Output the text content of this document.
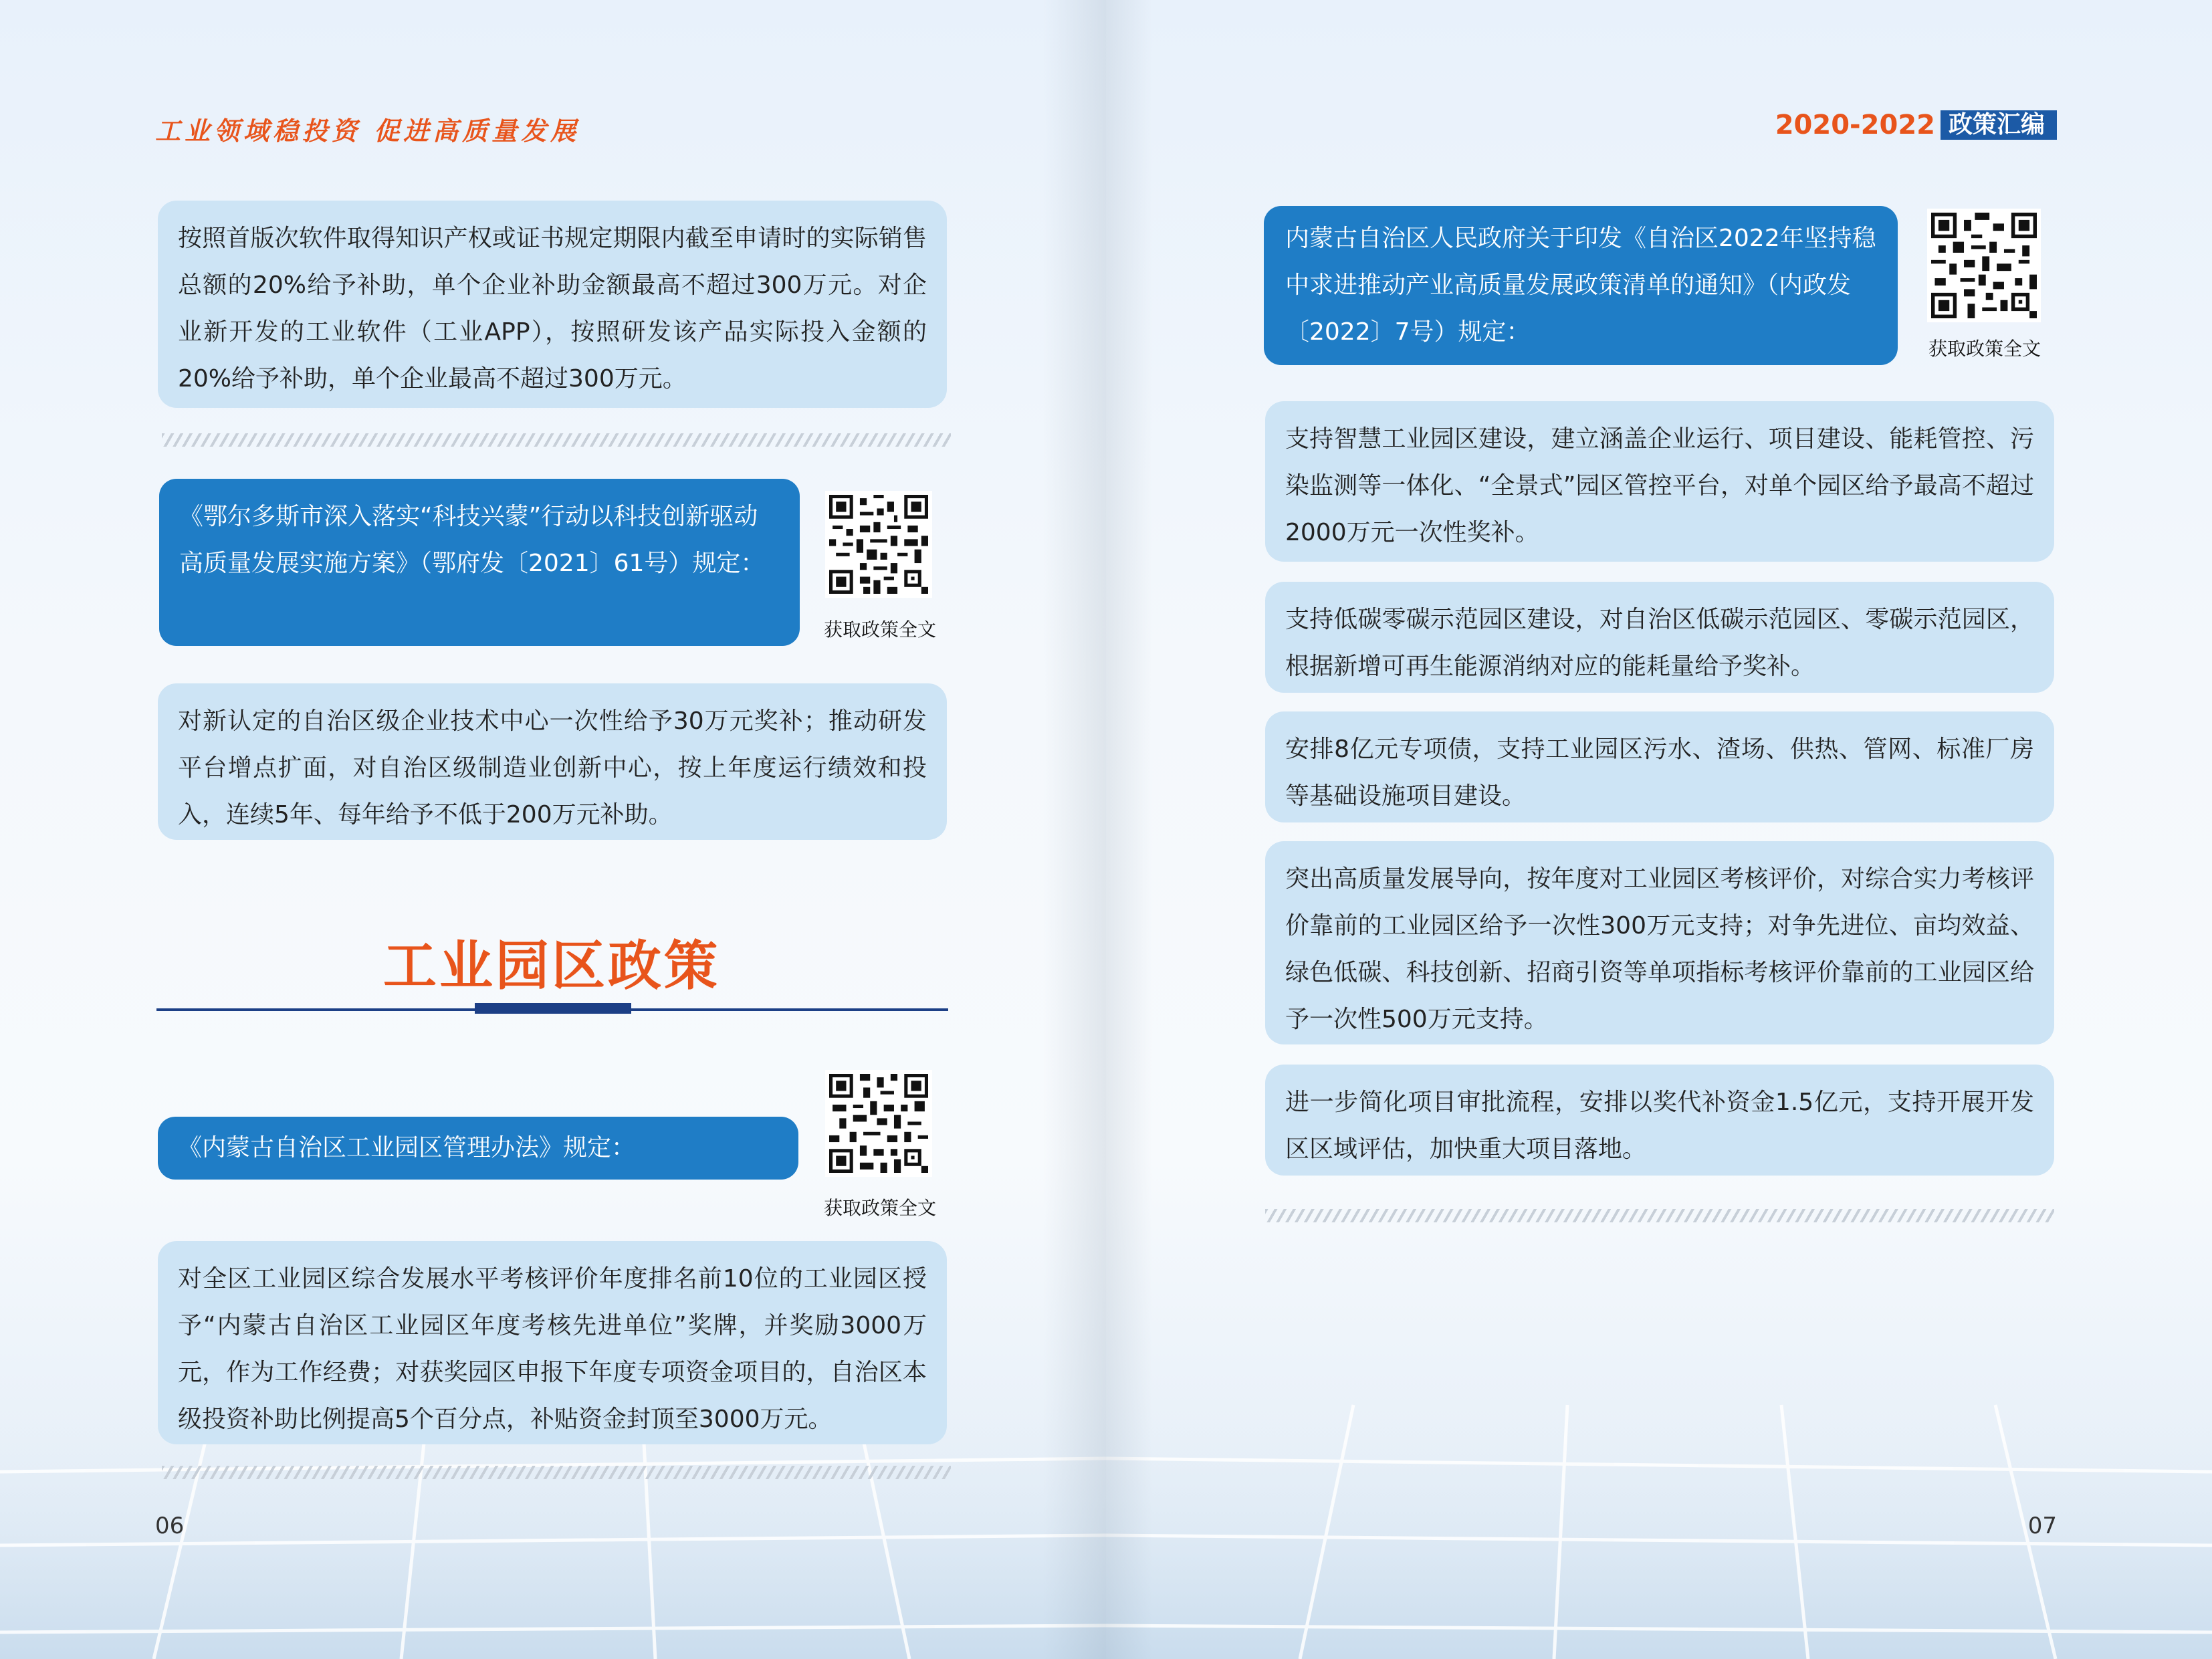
工业领域稳投资 促进高质量发展
按照首版次软件取得知识产权或证书规定期限内截至申请时的实际销售总额的20%给予补助，单个企业补助金额最高不超过300万元。对企业新开发的工业软件（工业APP），按照研发该产品实际投入金额的20%给予补助，单个企业最高不超过300万元。
《鄂尔多斯市深入落实“科技兴蒙”行动以科技创新驱动高质量发展实施方案》（鄂府发〔2021〕61号）规定：
获取政策全文
对新认定的自治区级企业技术中心一次性给予30万元奖补；推动研发平台增点扩面，对自治区级制造业创新中心，按上年度运行绩效和投入，连续5年、每年给予不低于200万元补助。
工业园区政策
《内蒙古自治区工业园区管理办法》规定：
获取政策全文
对全区工业园区综合发展水平考核评价年度排名前10位的工业园区授予“内蒙古自治区工业园区年度考核先进单位”奖牌，并奖励3000万元，作为工作经费；对获奖园区申报下年度专项资金项目的，自治区本级投资补助比例提高5个百分点，补贴资金封顶至3000万元。
06
2020-2022 政策汇编
内蒙古自治区人民政府关于印发《自治区2022年坚持稳中求进推动产业高质量发展政策清单的通知》（内政发〔2022〕7号）规定：
获取政策全文
支持智慧工业园区建设，建立涵盖企业运行、项目建设、能耗管控、污染监测等一体化、“全景式”园区管控平台，对单个园区给予最高不超过2000万元一次性奖补。
支持低碳零碳示范园区建设，对自治区低碳示范园区、零碳示范园区，根据新增可再生能源消纳对应的能耗量给予奖补。
安排8亿元专项债，支持工业园区污水、渣场、供热、管网、标准厂房等基础设施项目建设。
突出高质量发展导向，按年度对工业园区考核评价，对综合实力考核评价靠前的工业园区给予一次性300万元支持；对争先进位、亩均效益、绿色低碳、科技创新、招商引资等单项指标考核评价靠前的工业园区给予一次性500万元支持。
进一步简化项目审批流程，安排以奖代补资金1.5亿元，支持开展开发区区域评估，加快重大项目落地。
07
